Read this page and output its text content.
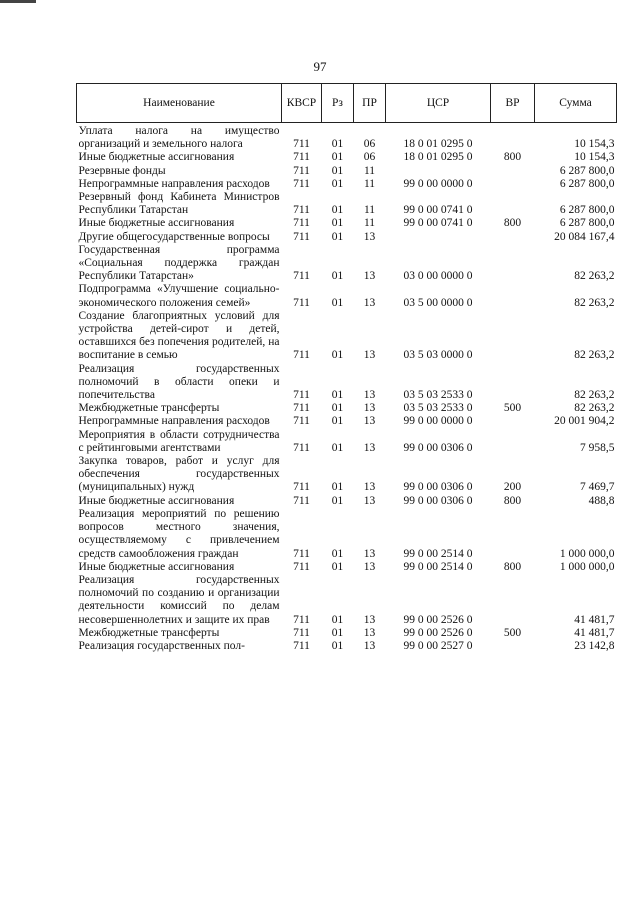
97
Наименование	КВСР	Рз	ПР	ЦСР	ВР	Сумма
Уплата налога на имущество организаций и земельного налога	711	01	06	18 0 01 0295 0		10 154,3
Иные бюджетные ассигнования	711	01	06	18 0 01 0295 0	800	10 154,3
Резервные фонды	711	01	11			6 287 800,0
Непрограммные направления расходов	711	01	11	99 0 00 0000 0		6 287 800,0
Резервный фонд Кабинета Министров Республики Татарстан	711	01	11	99 0 00 0741 0		6 287 800,0
Иные бюджетные ассигнования	711	01	11	99 0 00 0741 0	800	6 287 800,0
Другие общегосударственные вопросы	711	01	13			20 084 167,4
Государственная программа «Социальная поддержка граждан Республики Татарстан»	711	01	13	03 0 00 0000 0		82 263,2
Подпрограмма «Улучшение социально-экономического положения семей»	711	01	13	03 5 00 0000 0		82 263,2
Создание благоприятных условий для устройства детей-сирот и детей, оставшихся без попечения родителей, на воспитание в семью	711	01	13	03 5 03 0000 0		82 263,2
Реализация государственных полномочий в области опеки и попечительства	711	01	13	03 5 03 2533 0		82 263,2
Межбюджетные трансферты	711	01	13	03 5 03 2533 0	500	82 263,2
Непрограммные направления расходов	711	01	13	99 0 00 0000 0		20 001 904,2
Мероприятия в области сотрудничества с рейтинговыми агентствами	711	01	13	99 0 00 0306 0		7 958,5
Закупка товаров, работ и услуг для обеспечения государственных (муниципальных) нужд	711	01	13	99 0 00 0306 0	200	7 469,7
Иные бюджетные ассигнования	711	01	13	99 0 00 0306 0	800	488,8
Реализация мероприятий по решению вопросов местного значения, осуществляемому с привлечением средств самообложения граждан	711	01	13	99 0 00 2514 0		1 000 000,0
Иные бюджетные ассигнования	711	01	13	99 0 00 2514 0	800	1 000 000,0
Реализация государственных полномочий по созданию и организации деятельности комиссий по делам несовершеннолетних и защите их прав	711	01	13	99 0 00 2526 0		41 481,7
Межбюджетные трансферты	711	01	13	99 0 00 2526 0	500	41 481,7
Реализация государственных пол-	711	01	13	99 0 00 2527 0		23 142,8
